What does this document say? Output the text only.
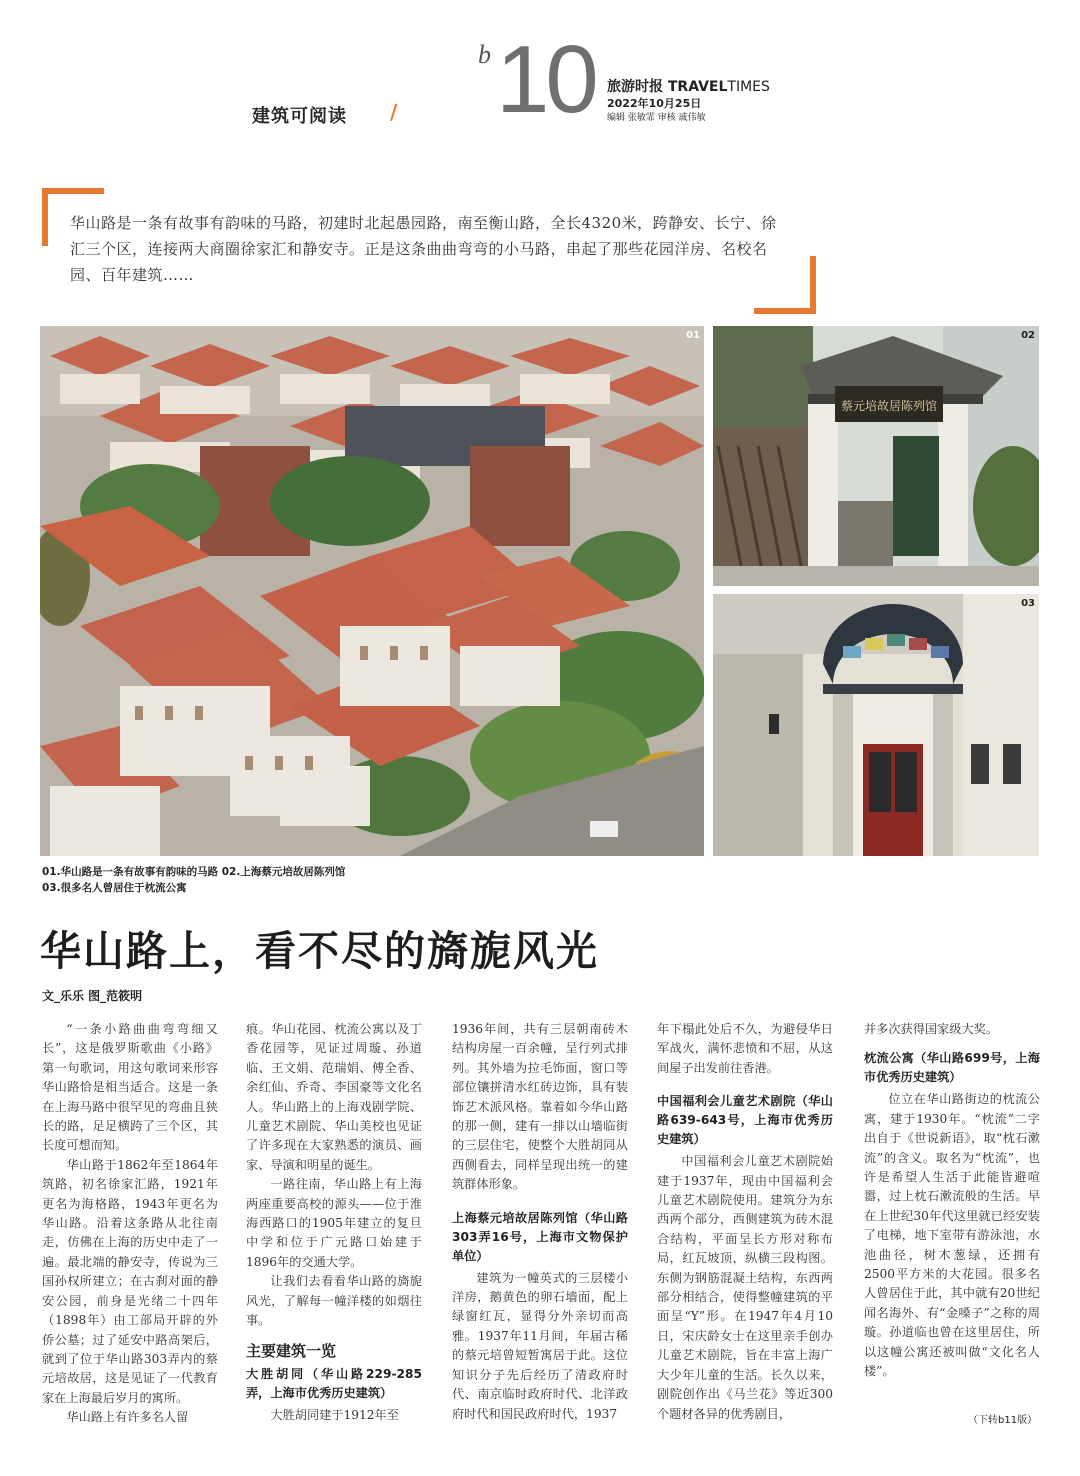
建筑可阅读 /
b 10 旅游时报 TRAVELTIMES
2022年10月25日
编辑 张敏霏 审核 戚伟敏
华山路是一条有故事有韵味的马路，初建时北起愚园路，南至衡山路，全长4320米，跨静安、长宁、徐汇三个区，连接两大商圈徐家汇和静安寺。正是这条曲曲弯弯的小马路，串起了那些花园洋房、名校名园、百年建筑……
01
蔡元培故居陈列馆
02
03
01.华山路是一条有故事有韵味的马路 02.上海蔡元培故居陈列馆
03.很多名人曾居住于枕流公寓
华山路上，看不尽的旖旎风光
文_乐乐 图_范筱明

“一条小路曲曲弯弯细又长”，这是俄罗斯歌曲《小路》第一句歌词，用这句歌词来形容华山路恰是相当适合。这是一条在上海马路中很罕见的弯曲且狭长的路，足足横跨了三个区，其长度可想而知。

华山路于1862年至1864年筑路，初名徐家汇路，1921年更名为海格路，1943年更名为华山路。沿着这条路从北往南走，仿佛在上海的历史中走了一遍。最北端的静安寺，传说为三国孙权所建立；在古刹对面的静安公园，前身是光绪二十四年（1898年）由工部局开辟的外侨公墓；过了延安中路高架后，就到了位于华山路303弄内的蔡元培故居，这是见证了一代教育家在上海最后岁月的寓所。

华山路上有许多名人留

痕。华山花园、枕流公寓以及丁香花园等，见证过周璇、孙道临、王文娟、范瑞娟、傅全香、余红仙、乔奇、李国豪等文化名人。华山路上的上海戏剧学院、儿童艺术剧院、华山美校也见证了许多现在大家熟悉的演员、画家、导演和明星的诞生。

一路往南，华山路上有上海两座重要高校的源头——位于淮海西路口的1905年建立的复旦中学和位于广元路口始建于1896年的交通大学。

让我们去看看华山路的旖旎风光，了解每一幢洋楼的如烟往事。

主要建筑一览
大胜胡同（华山路229-285弄，上海市优秀历史建筑）

大胜胡同建于1912年至

1936年间，共有三层朝南砖木结构房屋一百余幢，呈行列式排列。其外墙为拉毛饰面，窗口等部位镶拼清水红砖边饰，具有装饰艺术派风格。靠着如今华山路的那一侧，建有一排以山墙临街的三层住宅，使整个大胜胡同从西侧看去，同样呈现出统一的建筑群体形象。

上海蔡元培故居陈列馆（华山路303弄16号，上海市文物保护单位）

建筑为一幢英式的三层楼小洋房，鹅黄色的卵石墙面，配上绿窗红瓦，显得分外亲切而高雅。1937年11月间，年届古稀的蔡元培曾短暂寓居于此。这位知识分子先后经历了清政府时代、南京临时政府时代、北洋政府时代和国民政府时代，1937

年下榻此处后不久，为避侵华日军战火，满怀悲愤和不屈，从这间屋子出发前往香港。

中国福利会儿童艺术剧院（华山路639-643号，上海市优秀历史建筑）

中国福利会儿童艺术剧院始建于1937年，现由中国福利会儿童艺术剧院使用。建筑分为东西两个部分，西侧建筑为砖木混合结构，平面呈长方形对称布局，红瓦坡顶，纵横三段构图。东侧为钢筋混凝土结构，东西两部分相结合，使得整幢建筑的平面呈“Y”形。在1947年4月10日，宋庆龄女士在这里亲手创办儿童艺术剧院，旨在丰富上海广大少年儿童的生活。长久以来，剧院创作出《马兰花》等近300个题材各异的优秀剧目，

并多次获得国家级大奖。

枕流公寓（华山路699号，上海市优秀历史建筑）

位立在华山路街边的枕流公寓，建于1930年。“枕流”二字出自于《世说新语》，取“枕石漱流”的含义。取名为“枕流”，也许是希望人生活于此能皆避喧嚣，过上枕石漱流般的生活。早在上世纪30年代这里就已经安装了电梯，地下室带有游泳池，水池曲径，树木葱绿，还拥有2500平方米的大花园。很多名人曾居住于此，其中就有20世纪闻名海外、有“金嗓子”之称的周璇。孙道临也曾在这里居住，所以这幢公寓还被叫做“文化名人楼”。

（下转b11版）
